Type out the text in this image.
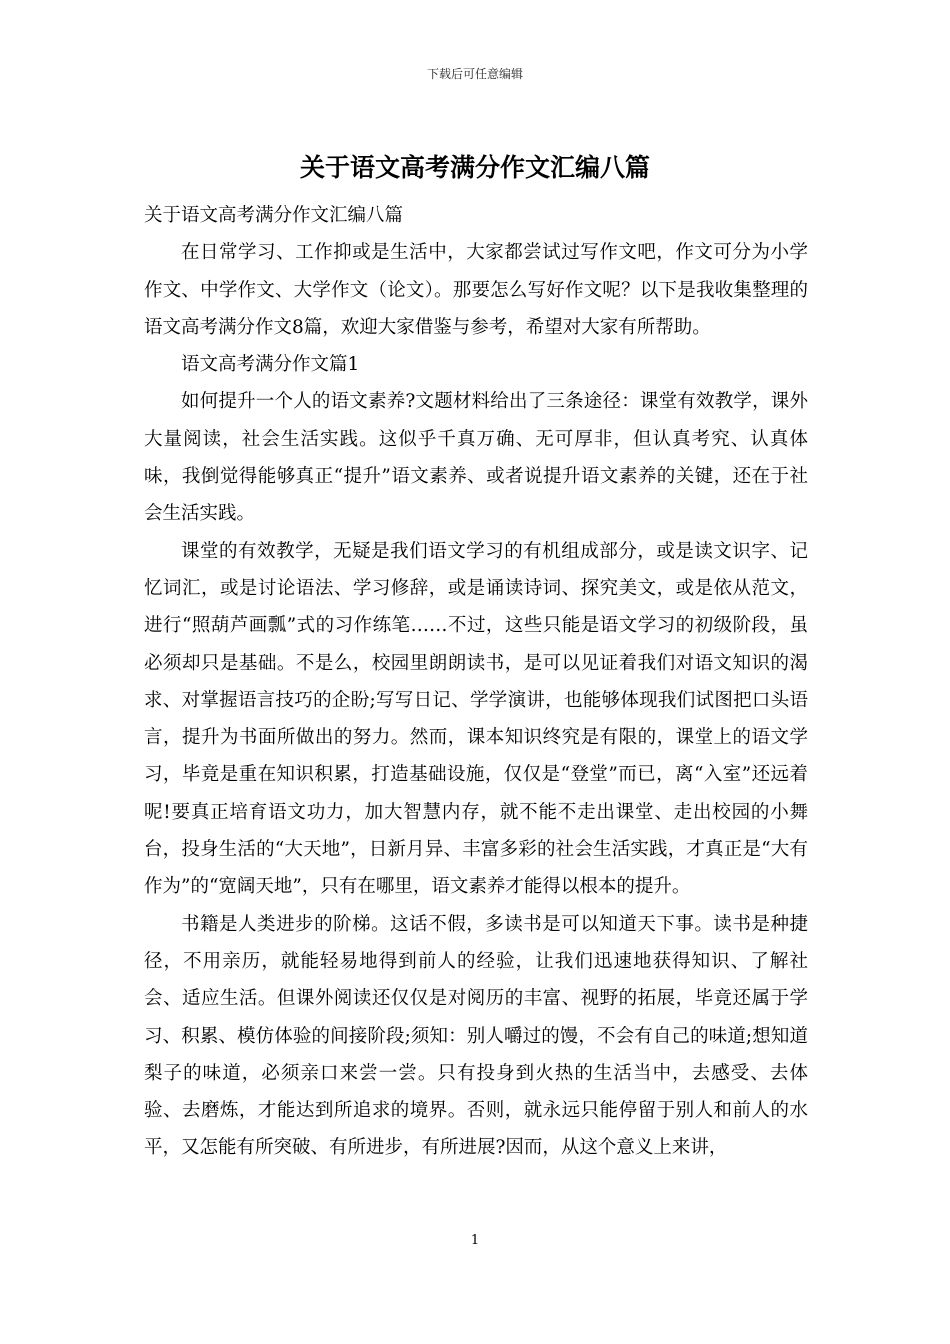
下载后可任意编辑
关于语文高考满分作文汇编八篇

关于语文高考满分作文汇编八篇

在日常学习、工作抑或是生活中，大家都尝试过写作文吧，作文可分为小学作文、中学作文、大学作文（论文）。那要怎么写好作文呢？以下是我收集整理的语文高考满分作文8篇，欢迎大家借鉴与参考，希望对大家有所帮助。

语文高考满分作文篇1

如何提升一个人的语文素养?文题材料给出了三条途径：课堂有效教学，课外大量阅读，社会生活实践。这似乎千真万确、无可厚非，但认真考究、认真体味，我倒觉得能够真正“提升”语文素养、或者说提升语文素养的关键，还在于社会生活实践。

课堂的有效教学，无疑是我们语文学习的有机组成部分，或是读文识字、记忆词汇，或是讨论语法、学习修辞，或是诵读诗词、探究美文，或是依从范文，进行“照葫芦画瓢”式的习作练笔……不过，这些只能是语文学习的初级阶段，虽必须却只是基础。不是么，校园里朗朗读书，是可以见证着我们对语文知识的渴求、对掌握语言技巧的企盼;写写日记、学学演讲，也能够体现我们试图把口头语言，提升为书面所做出的努力。然而，课本知识终究是有限的，课堂上的语文学习，毕竟是重在知识积累，打造基础设施，仅仅是“登堂”而已，离“入室”还远着呢!要真正培育语文功力，加大智慧内存，就不能不走出课堂、走出校园的小舞台，投身生活的“大天地”，日新月异、丰富多彩的社会生活实践，才真正是“大有作为”的“宽阔天地”，只有在哪里，语文素养才能得以根本的提升。

书籍是人类进步的阶梯。这话不假，多读书是可以知道天下事。读书是种捷径，不用亲历，就能轻易地得到前人的经验，让我们迅速地获得知识、了解社会、适应生活。但课外阅读还仅仅是对阅历的丰富、视野的拓展，毕竟还属于学习、积累、模仿体验的间接阶段;须知：别人嚼过的馒，不会有自己的味道;想知道梨子的味道，必须亲口来尝一尝。只有投身到火热的生活当中，去感受、去体验、去磨炼，才能达到所追求的境界。否则，就永远只能停留于别人和前人的水平，又怎能有所突破、有所进步，有所进展?因而，从这个意义上来讲，

1
